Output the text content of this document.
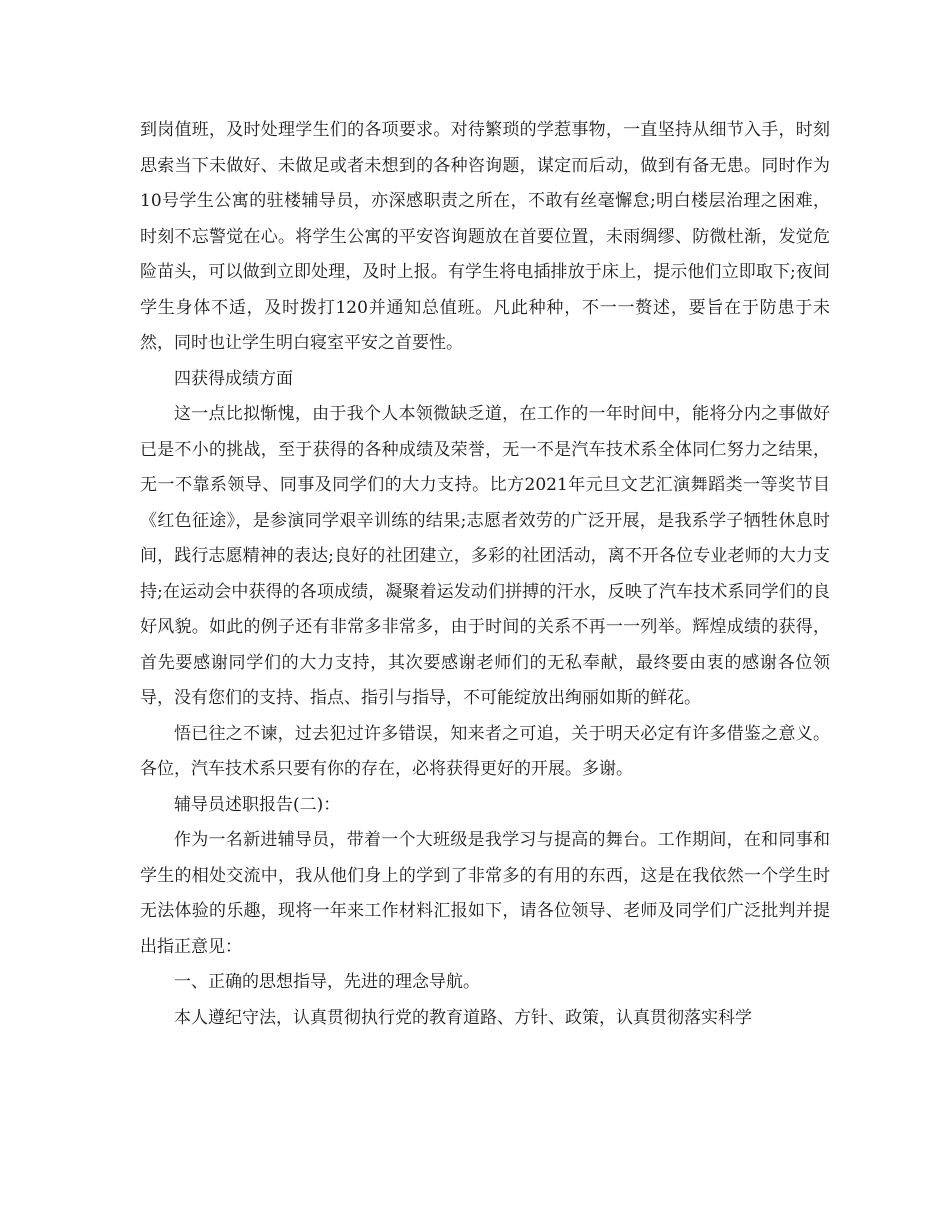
到岗值班，及时处理学生们的各项要求。对待繁琐的学惹事物，一直坚持从细节入手，时刻思索当下未做好、未做足或者未想到的各种咨询题，谋定而后动，做到有备无患。同时作为10号学生公寓的驻楼辅导员，亦深感职责之所在，不敢有丝毫懈怠;明白楼层治理之困难，时刻不忘警觉在心。将学生公寓的平安咨询题放在首要位置，未雨绸缪、防微杜渐，发觉危险苗头，可以做到立即处理，及时上报。有学生将电插排放于床上，提示他们立即取下;夜间学生身体不适，及时拨打120并通知总值班。凡此种种，不一一赘述，要旨在于防患于未然，同时也让学生明白寝室平安之首要性。

四获得成绩方面

这一点比拟惭愧，由于我个人本领微缺乏道，在工作的一年时间中，能将分内之事做好已是不小的挑战，至于获得的各种成绩及荣誉，无一不是汽车技术系全体同仁努力之结果，无一不靠系领导、同事及同学们的大力支持。比方2021年元旦文艺汇演舞蹈类一等奖节目《红色征途》，是参演同学艰辛训练的结果;志愿者效劳的广泛开展，是我系学子牺牲休息时间，践行志愿精神的表达;良好的社团建立，多彩的社团活动，离不开各位专业老师的大力支持;在运动会中获得的各项成绩，凝聚着运发动们拼搏的汗水，反映了汽车技术系同学们的良好风貌。如此的例子还有非常多非常多，由于时间的关系不再一一列举。辉煌成绩的获得，首先要感谢同学们的大力支持，其次要感谢老师们的无私奉献，最终要由衷的感谢各位领导，没有您们的支持、指点、指引与指导，不可能绽放出绚丽如斯的鲜花。

悟已往之不谏，过去犯过许多错误，知来者之可追，关于明天必定有许多借鉴之意义。各位，汽车技术系只要有你的存在，必将获得更好的开展。多谢。

辅导员述职报告(二)：

作为一名新进辅导员，带着一个大班级是我学习与提高的舞台。工作期间，在和同事和学生的相处交流中，我从他们身上的学到了非常多的有用的东西，这是在我依然一个学生时无法体验的乐趣，现将一年来工作材料汇报如下，请各位领导、老师及同学们广泛批判并提出指正意见：

一、正确的思想指导，先进的理念导航。

本人遵纪守法，认真贯彻执行党的教育道路、方针、政策，认真贯彻落实科学
